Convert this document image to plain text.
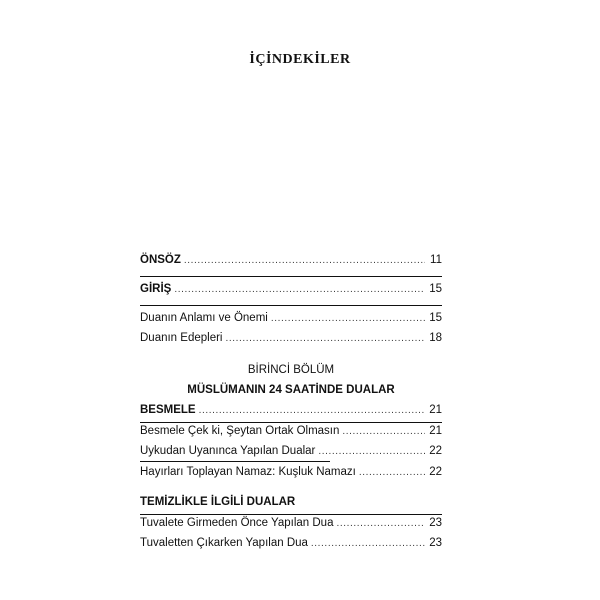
İÇİNDEKİLER
ÖNSÖZ .....	11
GİRİŞ .....	15
Duanın Anlamı ve Önemi .....	15
Duanın Edepleri .....	18
BİRİNCİ BÖLÜM
MÜSLÜMANIN 24 SAATİNDE DUALAR
BESMELE .....	21
Besmele Çek ki, Şeytan Ortak Olmasın .....	21
Uykudan Uyanınca Yapılan Dualar .....	22
Hayırları Toplayan Namaz: Kuşluk Namazı .....	22
TEMİZLİKLE İLGİLİ DUALAR
Tuvalete Girmeden Önce Yapılan Dua .....	23
Tuvaletten Çıkarken Yapılan Dua .....	23
